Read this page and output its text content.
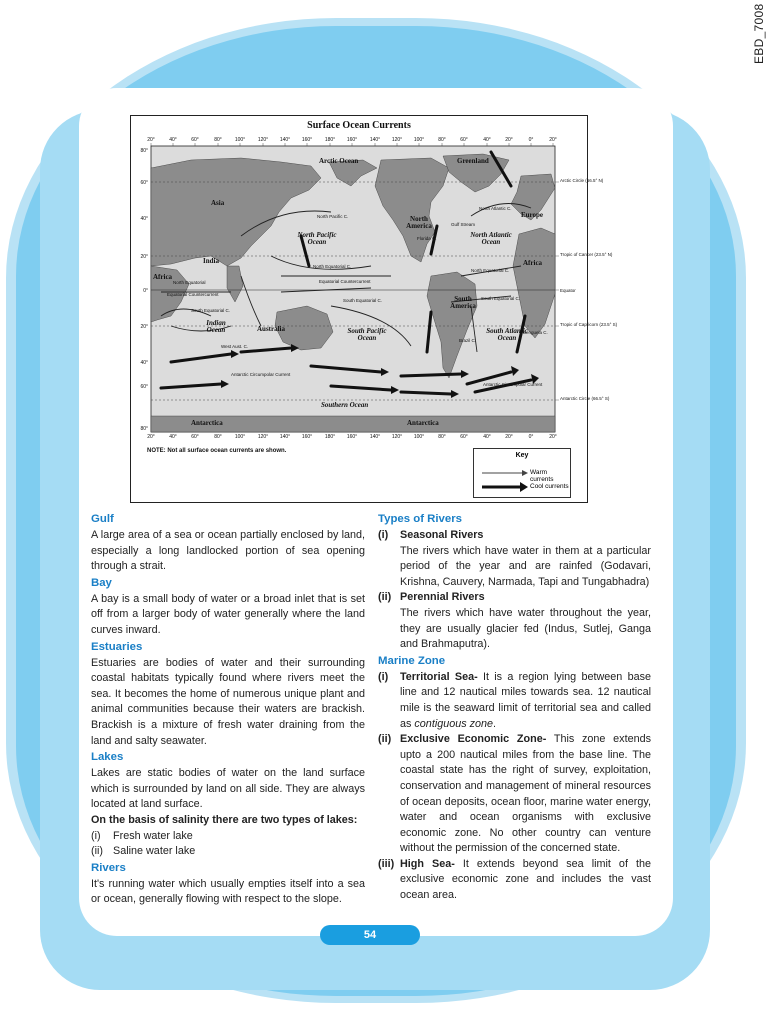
EBD_7008
20°	40°	60°	80°	100°	120° 140° 160°	180° 160°	140° 120° 100°	80°	60°	40°	20°	0°	20°
20°	40°	60°	80°	100°	120° 140° 160°	180° 160°	140° 120° 100°	80°	60°	40°	20°	0°	20°
80°
60°
40°
20°
0°
20°
40°
60°
80°
Arctic Circle (66.5° N)
Tropic of Cancer (23.5° N)
Equator
Tropic of Capricorn (23.5° S)
Antarctic Circle (66.5° S)
North Pacific C.
North Equatorial C.
Equatorial Countercurrent
South Equatorial C.
South Equatorial C.
West Aust. C.
North Atlantic C.
Gulf Stream
North Equatorial C.
South Equatorial C.
Brazil C.
Benguela C.
Florida C.
North Equatorial
Equatorial Countercurrent
Antarctic Circumpolar Current
Antarctic Circumpolar Current
Surface Ocean Currents
Arctic Ocean	Greenland
Asia
Europe
North America
North Pacific Ocean
North Atlantic Ocean
India
Africa
Africa
Indian Ocean	Australia	South Pacific Ocean
South America
South Atlantic Ocean
Southern Ocean
Antarctica	Antarctica
NOTE: Not all surface ocean currents are shown.
Key
Warm currents
Cool currents
Gulf
A large area of a sea or ocean partially enclosed by land, especially a long landlocked portion of sea opening through a strait.
Bay
A bay is a small body of water or a broad inlet that is set off from a larger body of water generally where the land curves inward.
Estuaries
Estuaries are bodies of water and their surrounding coastal habitats typically found where rivers meet the sea. It becomes the home of numerous unique plant and animal communities because their waters are brackish. Brackish is a mixture of fresh water draining from the land and salty seawater.
Lakes
Lakes are static bodies of water on the land surface which is surrounded by land on all side. They are always located at land surface.
On the basis of salinity there are two types of lakes:
(i)	Fresh water lake
(ii) Saline water lake
Rivers
It's running water which usually empties itself into a sea or ocean, generally flowing with respect to the slope.
Types of Rivers
(i)	Seasonal Rivers
The rivers which have water in them at a particular period of the year and are rainfed (Godavari, Krishna, Cauvery, Narmada, Tapi and Tungabhadra)
(ii) Perennial Rivers
The rivers which have water throughout the year, they are usually glacier fed (Indus, Sutlej, Ganga and Brahmaputra).
Marine Zone
(i)	Territorial Sea- It is a region lying between base line and 12 nautical miles towards sea. 12 nautical mile is the seaward limit of territorial sea and called as contiguous zone.
(ii) Exclusive Economic Zone- This zone extends upto a 200 nautical miles from the base line. The coastal state has the right of survey, exploitation, conservation and management of mineral resources of ocean deposits, ocean floor, marine water energy, water and ocean organisms with exclusive economic zone. No other country can venture without the permission of the concerned state.
(iii) High Sea- It extends beyond sea limit of the exclusive economic zone and includes the vast ocean area.
54
